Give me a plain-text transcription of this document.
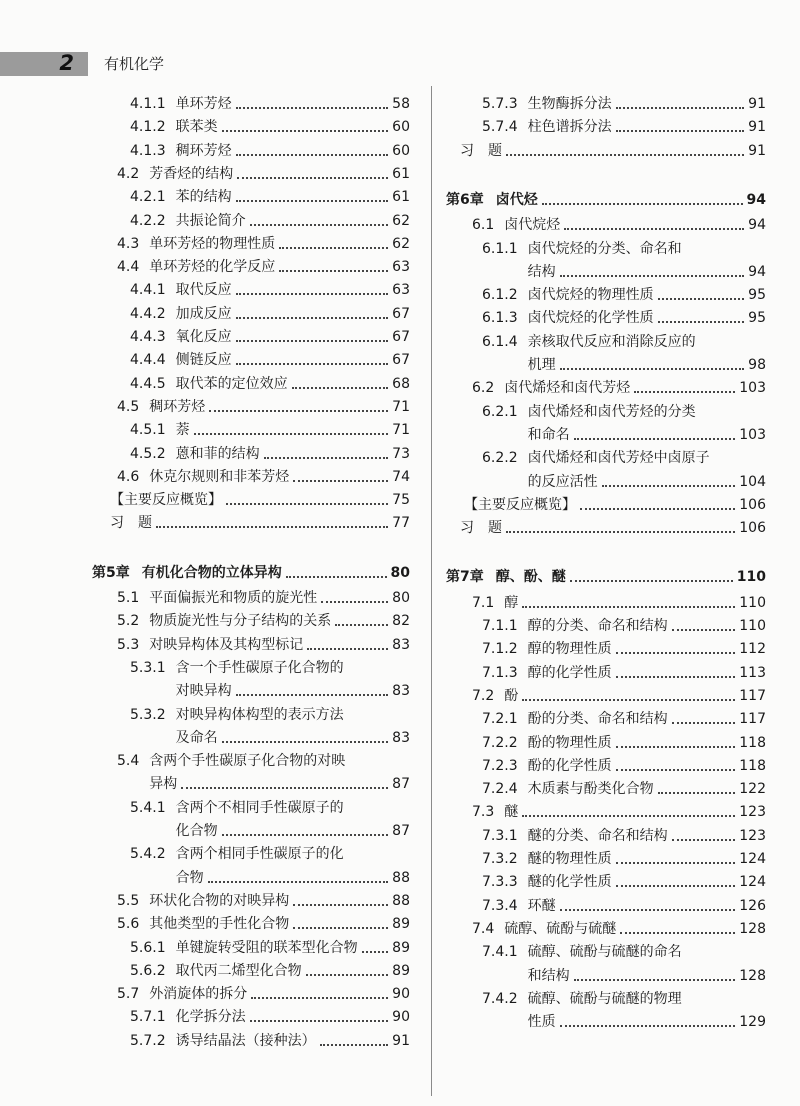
2 有机化学
4.1.1 单环芳烃	58
4.1.2 联苯类	60
4.1.3 稠环芳烃	60
4.2 芳香烃的结构	61
4.2.1 苯的结构	61
4.2.2 共振论简介	62
4.3 单环芳烃的物理性质	62
4.4 单环芳烃的化学反应	63
4.4.1 取代反应	63
4.4.2 加成反应	67
4.4.3 氧化反应	67
4.4.4 侧链反应	67
4.4.5 取代苯的定位效应	68
4.5 稠环芳烃	71
4.5.1 萘	71
4.5.2 蒽和菲的结构	73
4.6 休克尔规则和非苯芳烃	74
【主要反应概览】	75
习　题	77
第5章 有机化合物的立体异构	80
5.1 平面偏振光和物质的旋光性	80
5.2 物质旋光性与分子结构的关系	82
5.3 对映异构体及其构型标记	83
5.3.1 含一个手性碳原子化合物的
对映异构	83
5.3.2 对映异构体构型的表示方法
及命名	83
5.4 含两个手性碳原子化合物的对映
异构	87
5.4.1 含两个不相同手性碳原子的
化合物	87
5.4.2 含两个相同手性碳原子的化
合物	88
5.5 环状化合物的对映异构	88
5.6 其他类型的手性化合物	89
5.6.1 单键旋转受阻的联苯型化合物 89
5.6.2 取代丙二烯型化合物	89
5.7 外消旋体的拆分	90
5.7.1 化学拆分法	90
5.7.2 诱导结晶法（接种法）	91
5.7.3 生物酶拆分法	91
5.7.4 柱色谱拆分法	91
习　题	91
第6章 卤代烃	94
6.1 卤代烷烃	94
6.1.1 卤代烷烃的分类、命名和
结构	94
6.1.2 卤代烷烃的物理性质	95
6.1.3 卤代烷烃的化学性质	95
6.1.4 亲核取代反应和消除反应的
机理	98
6.2 卤代烯烃和卤代芳烃	103
6.2.1 卤代烯烃和卤代芳烃的分类
和命名	103
6.2.2 卤代烯烃和卤代芳烃中卤原子
的反应活性	104
【主要反应概览】	106
习　题	106
第7章 醇、酚、醚	110
7.1 醇	110
7.1.1 醇的分类、命名和结构	110
7.1.2 醇的物理性质	112
7.1.3 醇的化学性质	113
7.2 酚	117
7.2.1 酚的分类、命名和结构	117
7.2.2 酚的物理性质	118
7.2.3 酚的化学性质	118
7.2.4 木质素与酚类化合物	122
7.3 醚	123
7.3.1 醚的分类、命名和结构	123
7.3.2 醚的物理性质	124
7.3.3 醚的化学性质	124
7.3.4 环醚	126
7.4 硫醇、硫酚与硫醚	128
7.4.1 硫醇、硫酚与硫醚的命名
和结构	128
7.4.2 硫醇、硫酚与硫醚的物理
性质	129
